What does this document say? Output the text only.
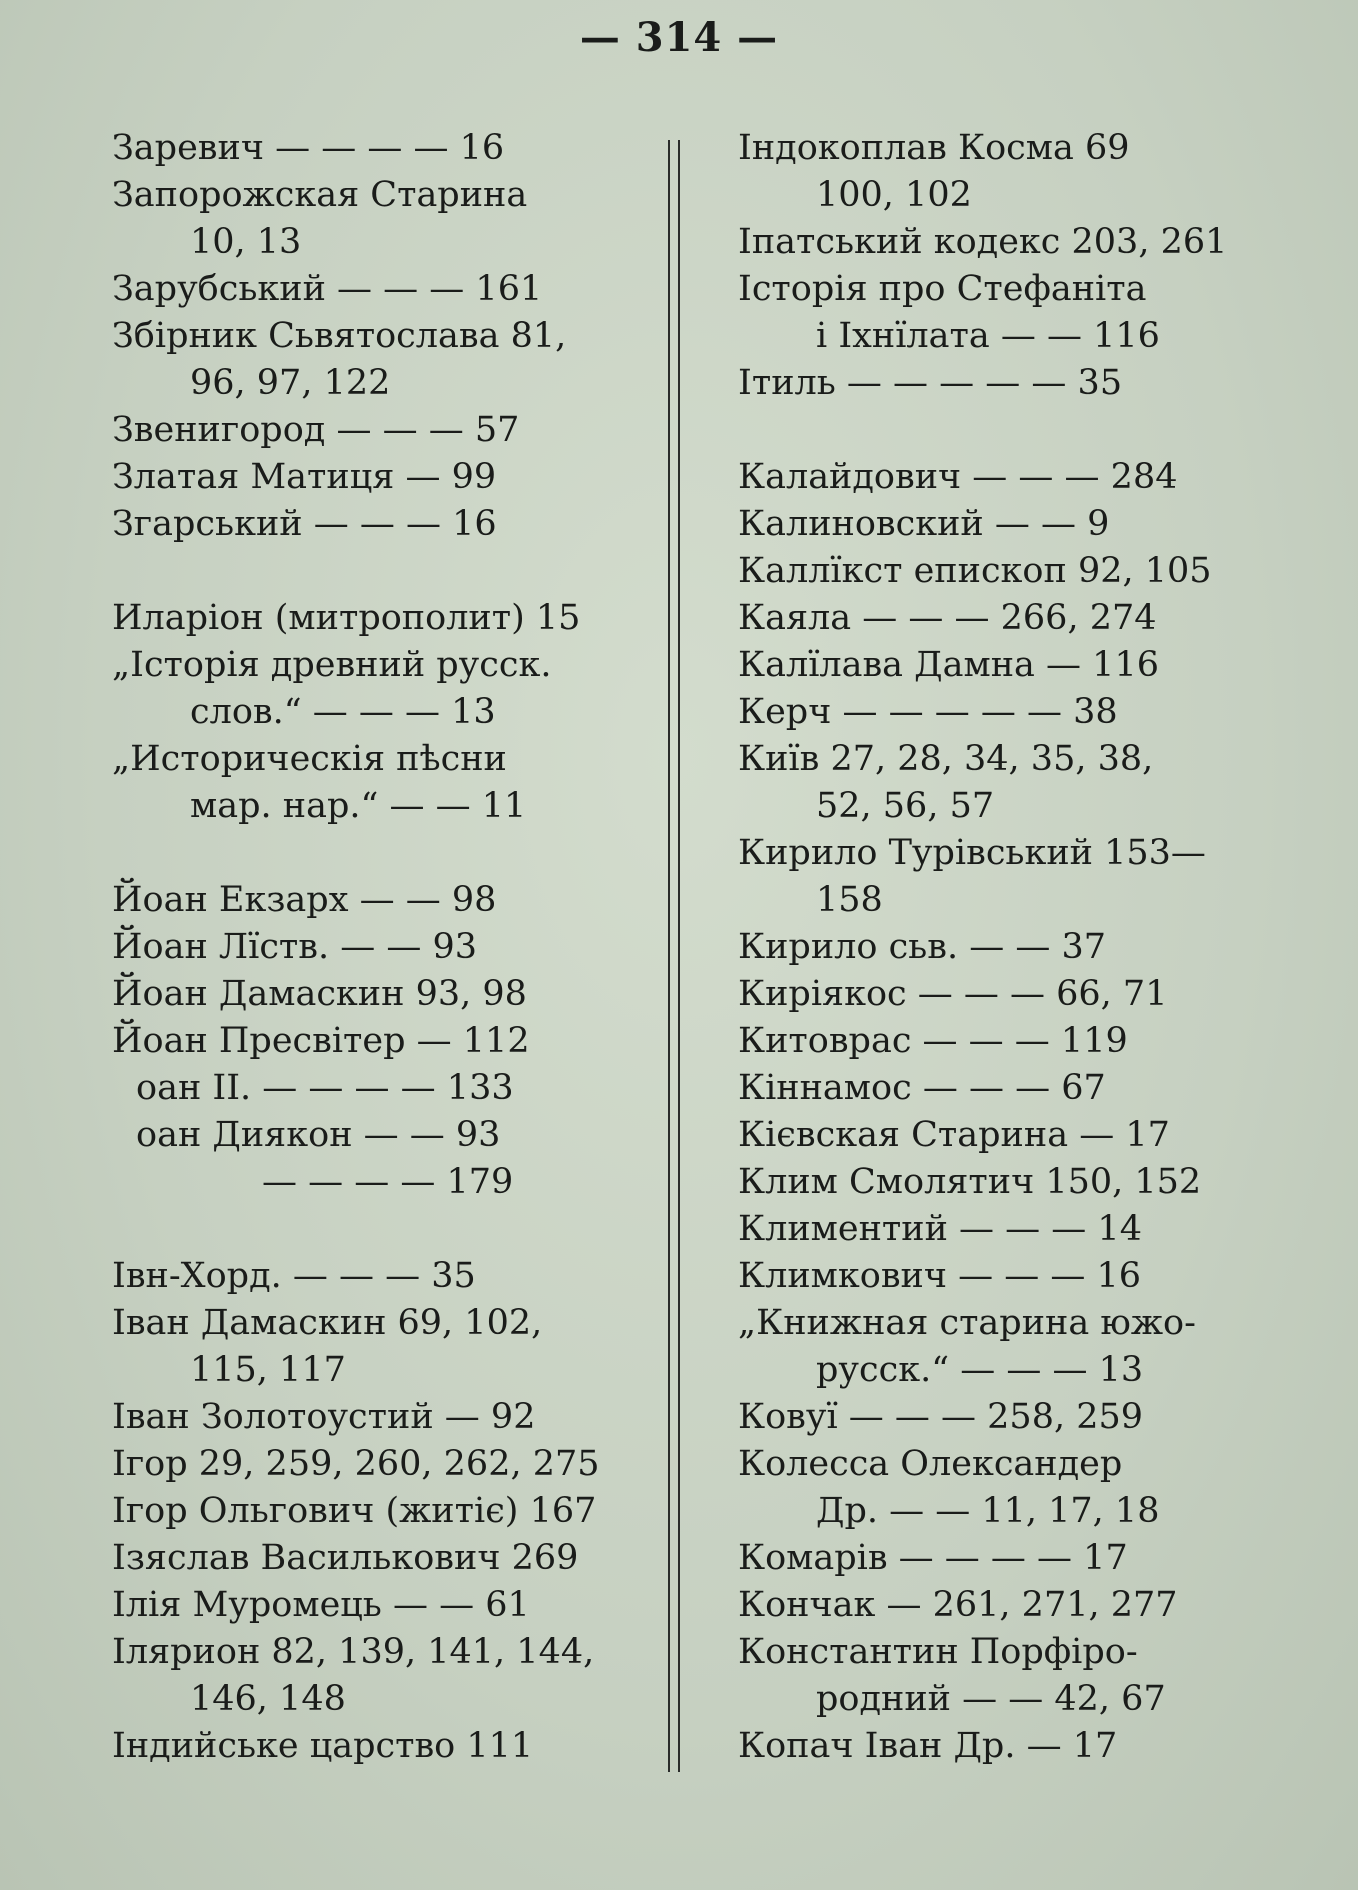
— 314 —
Заревич — — — — 16
Запорожская Старина
10, 13
Зарубський — — — 161
Збірник Сьвятослава 81,
96, 97, 122
Звенигород — — — 57
Златая Матиця — 99
Згарський — — — 16
Иларіон (митрополит) 15
„Історія древний русск.
слов.“ — — — 13
„Историческія пѣсни
мар. нар.“ — — 11
Йоан Екзарх — — 98
Йоан Лїств. — — 93
Йоан Дамаскин 93, 98
Йоан Пресвітер — 112
оан II. — — — — 133
оан Диякон — — 93
— — — — 179
Івн-Хорд. — — — 35
Іван Дамаскин 69, 102,
115, 117
Іван Золотоустий — 92
Ігор 29, 259, 260, 262, 275
Ігор Ольгович (житіє) 167
Ізяслав Василькович 269
Ілія Муромець — — 61
Ілярион 82, 139, 141, 144,
146, 148
Індийське царство 111
Індокоплав Косма 69
100, 102
Іпатський кодекс 203, 261
Історія про Стефаніта
і Іхнїлата — — 116
Ітиль — — — — — 35
Калайдович — — — 284
Калиновский — — 9
Каллїкст епископ 92, 105
Каяла — — — 266, 274
Калїлава Дамна — 116
Керч — — — — — 38
Київ 27, 28, 34, 35, 38,
52, 56, 57
Кирило Турівський 153—
158
Кирило сьв. — — 37
Киріякос — — — 66, 71
Китоврас — — — 119
Кіннамос — — — 67
Кієвская Старина — 17
Клим Смолятич 150, 152
Климентий — — — 14
Климкович — — — 16
„Книжная старина южо-
русск.“ — — — 13
Ковуї — — — 258, 259
Колесса Олександер
Др. — — 11, 17, 18
Комарів — — — — 17
Кончак — 261, 271, 277
Константин Порфіро-
родний — — 42, 67
Копач Іван Др. — 17
